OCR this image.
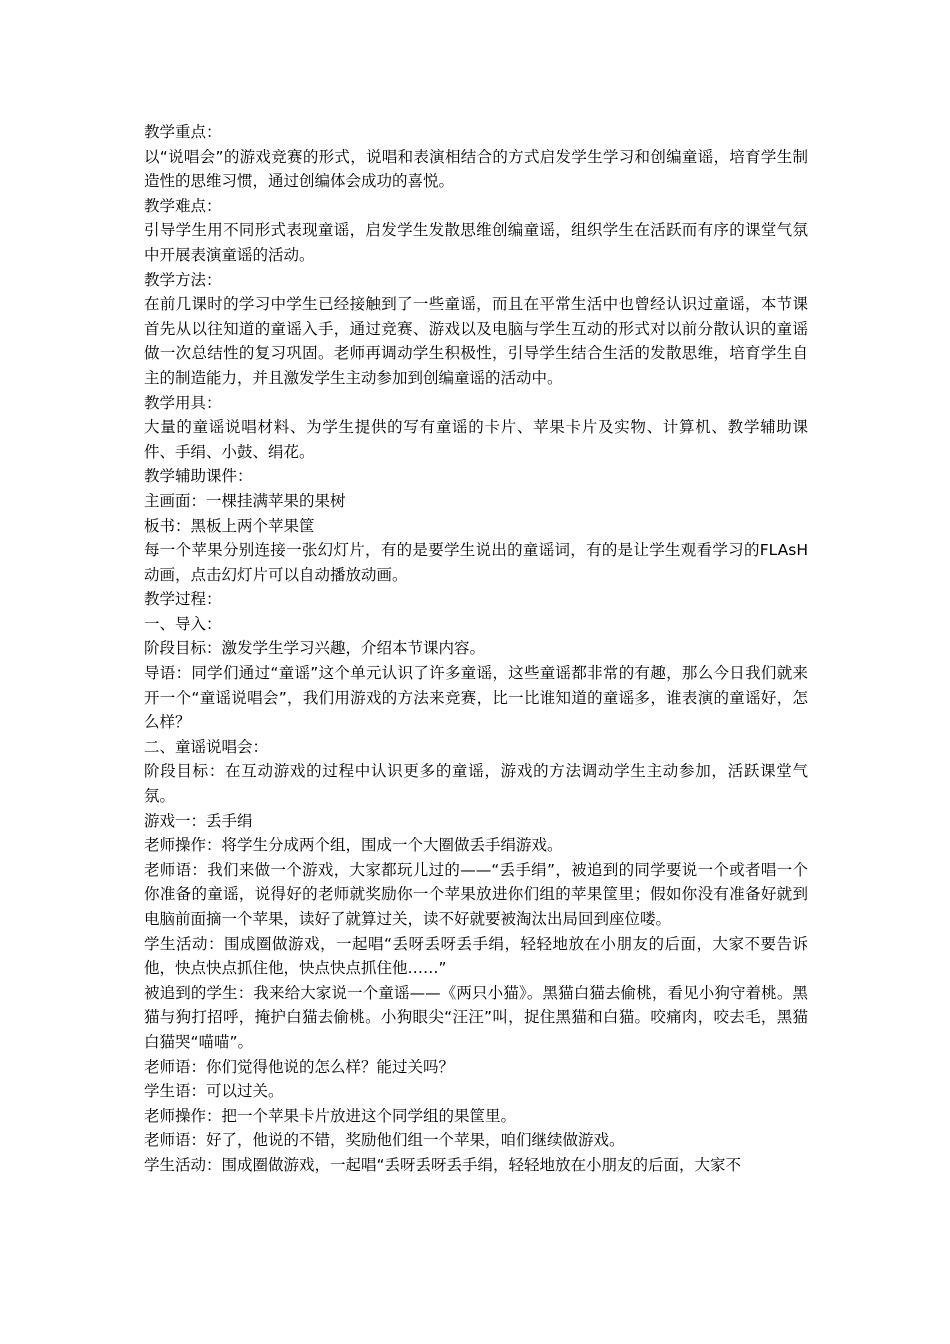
教学重点：

以“说唱会”的游戏竞赛的形式，说唱和表演相结合的方式启发学生学习和创编童谣，培育学生制造性的思维习惯，通过创编体会成功的喜悦。

教学难点：

引导学生用不同形式表现童谣，启发学生发散思维创编童谣，组织学生在活跃而有序的课堂气氛中开展表演童谣的活动。

教学方法：

在前几课时的学习中学生已经接触到了一些童谣，而且在平常生活中也曾经认识过童谣，本节课首先从以往知道的童谣入手，通过竞赛、游戏以及电脑与学生互动的形式对以前分散认识的童谣做一次总结性的复习巩固。老师再调动学生积极性，引导学生结合生活的发散思维，培育学生自主的制造能力，并且激发学生主动参加到创编童谣的活动中。

教学用具：

大量的童谣说唱材料、为学生提供的写有童谣的卡片、苹果卡片及实物、计算机、教学辅助课件、手绢、小鼓、绢花。

教学辅助课件：

主画面：一棵挂满苹果的果树

板书：黑板上两个苹果筐

每一个苹果分别连接一张幻灯片，有的是要学生说出的童谣词，有的是让学生观看学习的FLAsH动画，点击幻灯片可以自动播放动画。

教学过程：

一、导入：

阶段目标：激发学生学习兴趣，介绍本节课内容。

导语：同学们通过“童谣”这个单元认识了许多童谣，这些童谣都非常的有趣，那么今日我们就来开一个“童谣说唱会”，我们用游戏的方法来竞赛，比一比谁知道的童谣多，谁表演的童谣好，怎么样？

二、童谣说唱会：

阶段目标：在互动游戏的过程中认识更多的童谣，游戏的方法调动学生主动参加，活跃课堂气氛。

游戏一：丢手绢

老师操作：将学生分成两个组，围成一个大圈做丢手绢游戏。

老师语：我们来做一个游戏，大家都玩儿过的——“丢手绢”，被追到的同学要说一个或者唱一个你准备的童谣，说得好的老师就奖励你一个苹果放进你们组的苹果筐里；假如你没有准备好就到电脑前面摘一个苹果，读好了就算过关，读不好就要被淘汰出局回到座位喽。

学生活动：围成圈做游戏，一起唱“丢呀丢呀丢手绢，轻轻地放在小朋友的后面，大家不要告诉他，快点快点抓住他，快点快点抓住他……”

被追到的学生：我来给大家说一个童谣——《两只小猫》。黑猫白猫去偷桃，看见小狗守着桃。黑猫与狗打招呼，掩护白猫去偷桃。小狗眼尖“汪汪”叫，捉住黑猫和白猫。咬痛肉，咬去毛，黑猫白猫哭“喵喵”。

老师语：你们觉得他说的怎么样？能过关吗？

学生语：可以过关。

老师操作：把一个苹果卡片放进这个同学组的果筐里。

老师语：好了，他说的不错，奖励他们组一个苹果，咱们继续做游戏。

学生活动：围成圈做游戏，一起唱“丢呀丢呀丢手绢，轻轻地放在小朋友的后面，大家不
